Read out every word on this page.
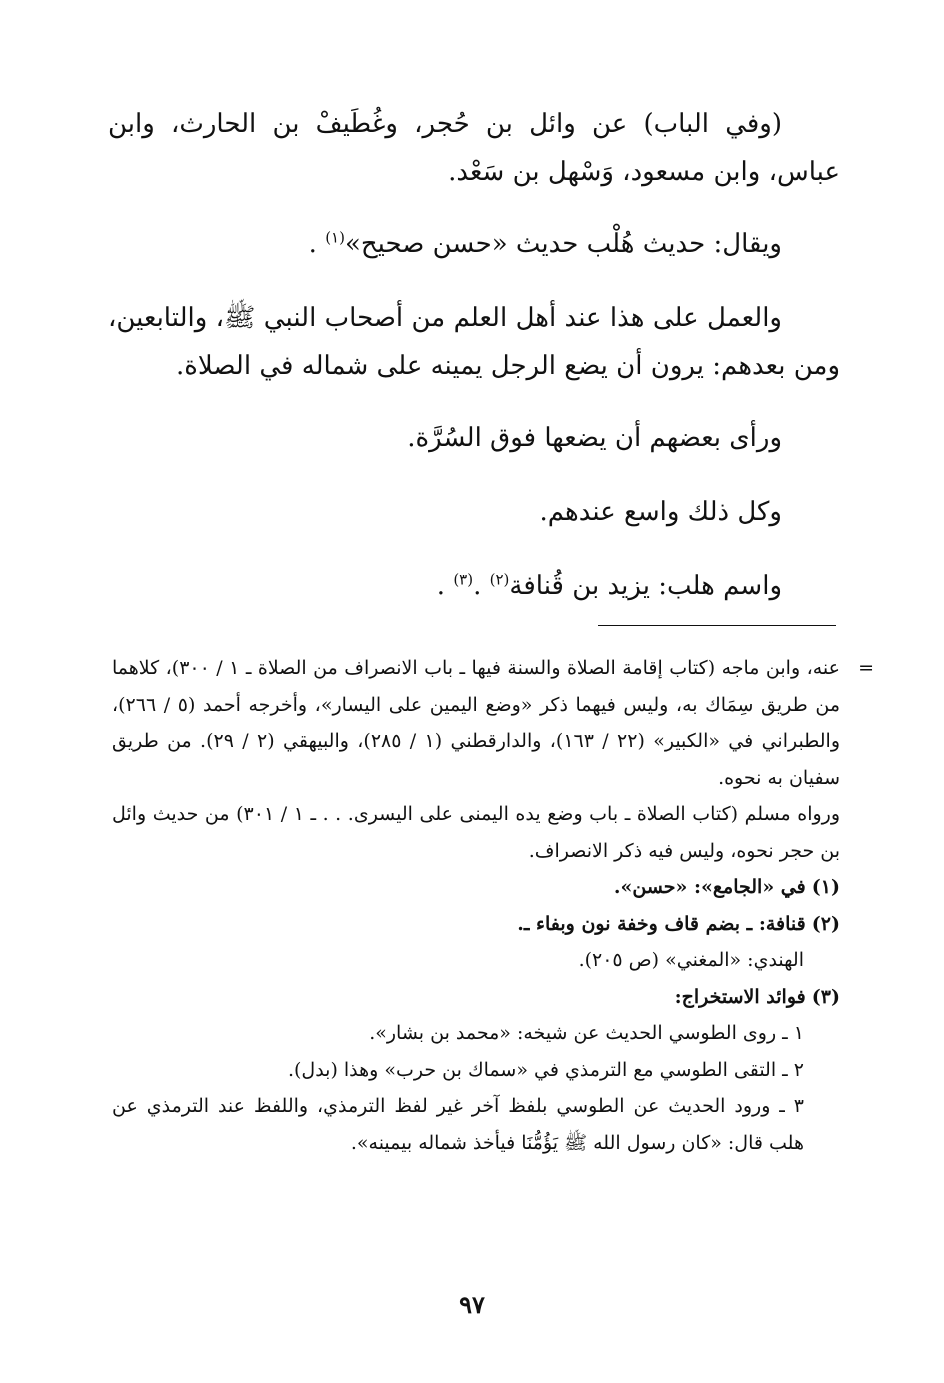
(وفي الباب) عن وائل بن حُجر، وغُطَيفْ بن الحارث، وابن عباس، وابن مسعود، وَسْهل بن سَعْد.

ويقال: حديث هُلْب حديث «حسن صحيح»$^{(١)}$ .

والعمل على هذا عند أهل العلم من أصحاب النبي ﷺ، والتابعين، ومن بعدهم: يرون أن يضع الرجل يمينه على شماله في الصلاة.

ورأى بعضهم أن يضعها فوق السُرَّة.

وكل ذلك واسع عندهم.

واسم هلب: يزيد بن قُنافة$^{(٢)}$ .$^{(٣)}$ .

=

عنه، وابن ماجه (كتاب إقامة الصلاة والسنة فيها ـ باب الانصراف من الصلاة ـ ١ / ٣٠٠)، كلاهما من طريق سِمَاك به، وليس فيهما ذكر «وضع اليمين على اليسار»، وأخرجه أحمد (٥ / ٢٦٦)، والطبراني في «الكبير» (٢٢ / ١٦٣)، والدارقطني (١ / ٢٨٥)، والبيهقي (٢ / ٢٩). من طريق سفيان به نحوه.

ورواه مسلم (كتاب الصلاة ـ باب وضع يده اليمنى على اليسرى. . . ـ ١ / ٣٠١) من حديث وائل بن حجر نحوه، وليس فيه ذكر الانصراف.

(١) في «الجامع»: «حسن».

(٢) قنافة: ـ بضم قاف وخفة نون وبفاء ـ.

الهندي: «المغني» (ص ٢٠٥).

(٣) فوائد الاستخراج:

١ ـ روى الطوسي الحديث عن شيخه: «محمد بن بشار».

٢ ـ التقى الطوسي مع الترمذي في «سماك بن حرب» وهذا (بدل).

٣ ـ ورود الحديث عن الطوسي بلفظ آخر غير لفظ الترمذي، واللفظ عند الترمذي عن هلب قال: «كان رسول الله ﷺ يَؤُمُّنَا فيأخذ شماله بيمينه».

٩٧
